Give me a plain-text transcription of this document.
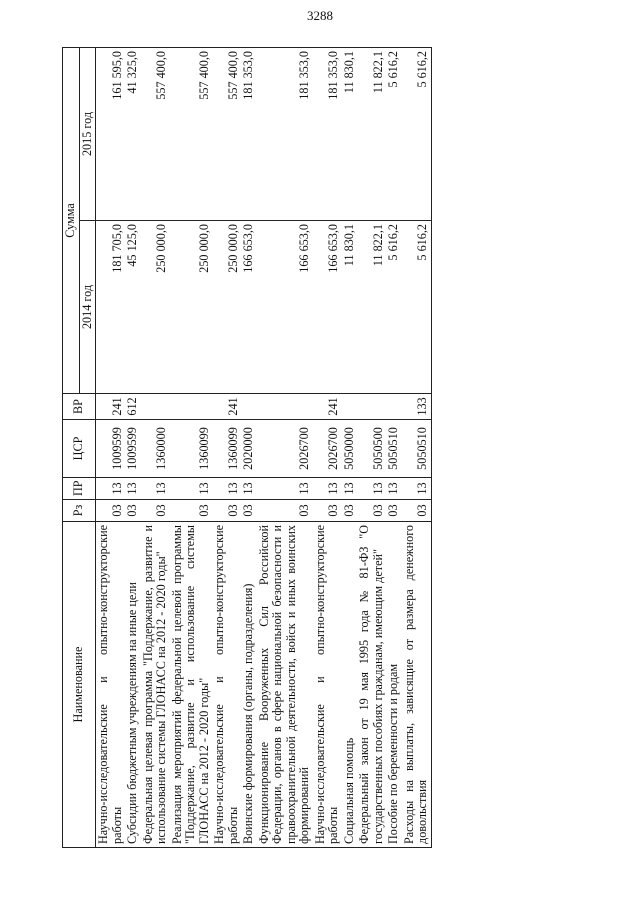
3288
Наименование	Рз	ПР	ЦСР	ВР	Сумма	
					2014 год	2015 год
Научно-исследовательские и опытно-конструкторские работы	03	13	1009599	241	181 705,0	161 595,0
Субсидии бюджетным учреждениям на иные цели	03	13	1009599	612	45 125,0	41 325,0
Федеральная целевая программа "Поддержание, развитие и использование системы ГЛОНАСС на 2012 - 2020 годы"	03	13	1360000		250 000,0	557 400,0
Реализация мероприятий федеральной целевой программы "Поддержание, развитие и использование системы ГЛОНАСС на 2012 - 2020 годы"	03	13	1360099		250 000,0	557 400,0
Научно-исследовательские и опытно-конструкторские работы	03	13	1360099	241	250 000,0	557 400,0
Воинские формирования (органы, подразделения)	03	13	2020000		166 653,0	181 353,0
Функционирование Вооруженных Сил Российской Федерации, органов в сфере национальной безопасности и правоохранительной деятельности, войск и иных воинских формирований	03	13	2026700		166 653,0	181 353,0
Научно-исследовательские и опытно-конструкторские работы	03	13	2026700	241	166 653,0	181 353,0
Социальная помощь	03	13	5050000		11 830,1	11 830,1
Федеральный закон от 19 мая 1995 года № 81-ФЗ "О государственных пособиях гражданам, имеющим детей"	03	13	5050500		11 822,1	11 822,1
Пособие по беременности и родам	03	13	5050510		5 616,2	5 616,2
Расходы на выплаты, зависящие от размера денежного довольствия	03	13	5050510	133	5 616,2	5 616,2
